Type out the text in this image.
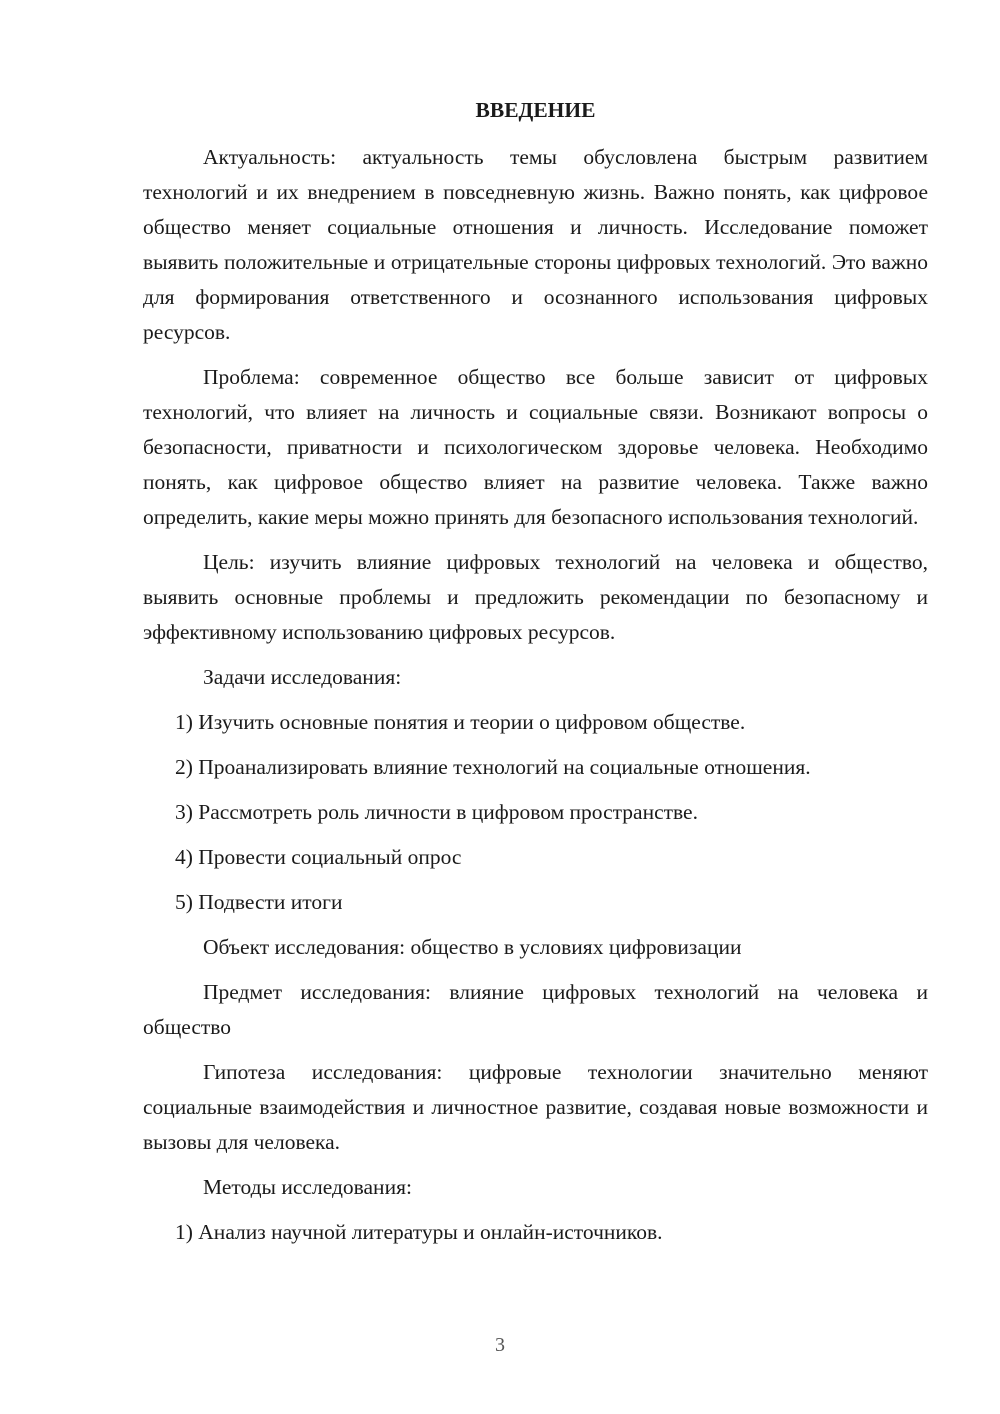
ВВЕДЕНИЕ

Актуальность: актуальность темы обусловлена быстрым развитием технологий и их внедрением в повседневную жизнь. Важно понять, как цифровое общество меняет социальные отношения и личность. Исследование поможет выявить положительные и отрицательные стороны цифровых технологий. Это важно для формирования ответственного и осознанного использования цифровых ресурсов.

Проблема: современное общество все больше зависит от цифровых технологий, что влияет на личность и социальные связи. Возникают вопросы о безопасности, приватности и психологическом здоровье человека. Необходимо понять, как цифровое общество влияет на развитие человека. Также важно определить, какие меры можно принять для безопасного использования технологий.

Цель: изучить влияние цифровых технологий на человека и общество, выявить основные проблемы и предложить рекомендации по безопасному и эффективному использованию цифровых ресурсов.

Задачи исследования:

1) Изучить основные понятия и теории о цифровом обществе.
2) Проанализировать влияние технологий на социальные отношения.
3) Рассмотреть роль личности в цифровом пространстве.
4) Провести социальный опрос
5) Подвести итоги

Объект исследования: общество в условиях цифровизации

Предмет исследования: влияние цифровых технологий на человека и общество

Гипотеза исследования: цифровые технологии значительно меняют социальные взаимодействия и личностное развитие, создавая новые возможности и вызовы для человека.

Методы исследования:

1) Анализ научной литературы и онлайн-источников.
3
